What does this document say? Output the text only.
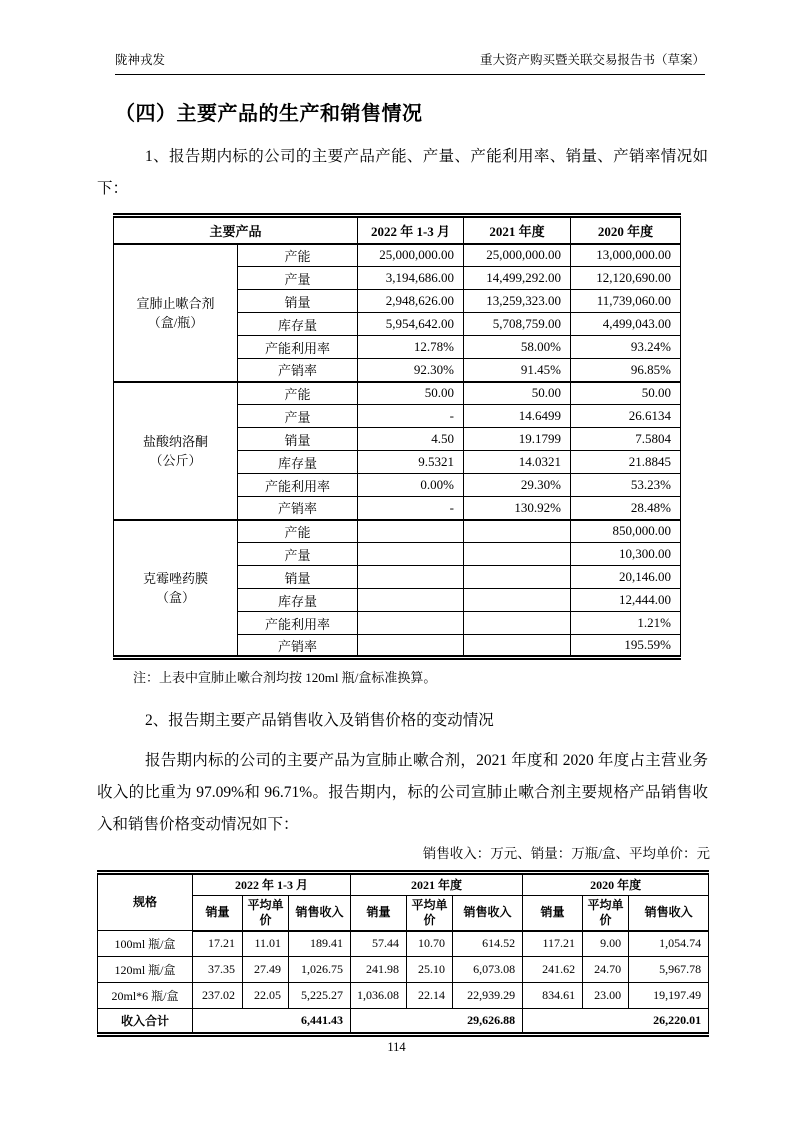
陇神戎发	重大资产购买暨关联交易报告书（草案）
（四）主要产品的生产和销售情况

1、报告期内标的公司的主要产品产能、产量、产能利用率、销量、产销率情况如下：

主要产品		2022 年 1-3 月	2021 年度	2020 年度

宣肺止嗽合剂
（盒/瓶）	产能	25,000,000.00	25,000,000.00	13,000,000.00
	产量	3,194,686.00	14,499,292.00	12,120,690.00
	销量	2,948,626.00	13,259,323.00	11,739,060.00
	库存量	5,954,642.00	5,708,759.00	4,499,043.00
	产能利用率	12.78%	58.00%	93.24%
	产销率	92.30%	91.45%	96.85%

盐酸纳洛酮
（公斤）	产能	50.00	50.00	50.00
	产量	-	14.6499	26.6134
	销量	4.50	19.1799	7.5804
	库存量	9.5321	14.0321	21.8845
	产能利用率	0.00%	29.30%	53.23%
	产销率	-	130.92%	28.48%

克霉唑药膜
（盒）	产能			850,000.00
	产量			10,300.00
	销量			20,146.00
	库存量			12,444.00
	产能利用率			1.21%
	产销率			195.59%

注：上表中宣肺止嗽合剂均按 120ml 瓶/盒标准换算。

2、报告期主要产品销售收入及销售价格的变动情况

报告期内标的公司的主要产品为宣肺止嗽合剂，2021 年度和 2020 年度占主营业务收入的比重为 97.09%和 96.71%。报告期内，标的公司宣肺止嗽合剂主要规格产品销售收入和销售价格变动情况如下：

销售收入：万元、销量：万瓶/盒、平均单价：元

规格	2022 年 1-3 月			2021 年度			2020 年度		
	销量	平均单价	销售收入	销量	平均单价	销售收入	销量	平均单价	销售收入
100ml 瓶/盒	17.21	11.01	189.41	57.44	10.70	614.52	117.21	9.00	1,054.74
120ml 瓶/盒	37.35	27.49	1,026.75	241.98	25.10	6,073.08	241.62	24.70	5,967.78
20ml*6 瓶/盒	237.02	22.05	5,225.27	1,036.08	22.14	22,939.29	834.61	23.00	19,197.49
收入合计	6,441.43			29,626.88			26,220.01		
114
